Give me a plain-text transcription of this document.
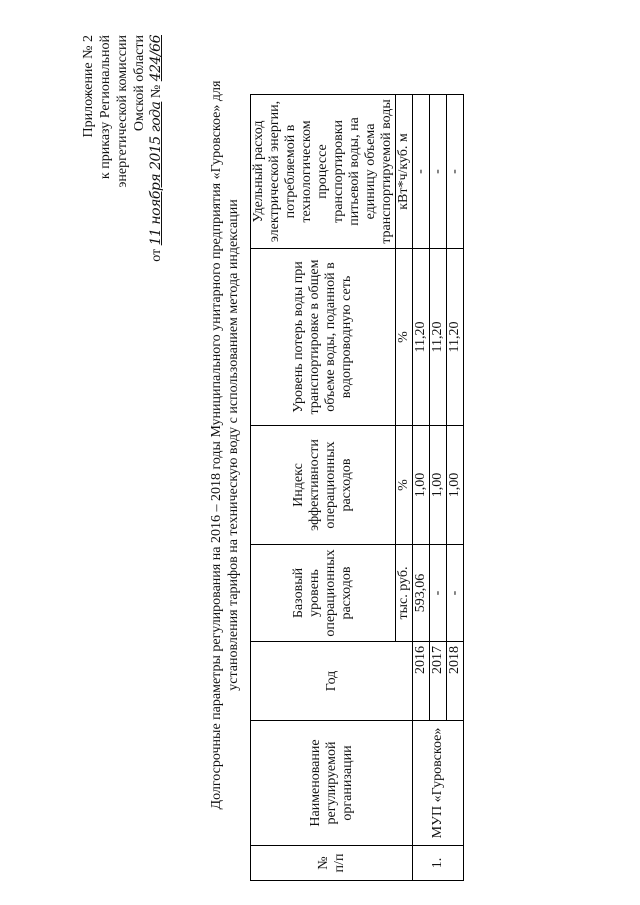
Приложение № 2 к приказу Региональной энергетической комиссии Омской области
от 11 ноября 2015 года № 424/66
Долгосрочные параметры регулирования на 2016 – 2018 годы Муниципального унитарного предприятия «Гуровское» для установления тарифов на техническую воду с использованием метода индексации
№ п/п	Наименование регулируемой организации	Год	Базовый уровень операционных расходов	Индекс эффективности операционных расходов	Уровень потерь воды при транспортировке в общем объеме воды, поданной в водопроводную сеть	Удельный расход электрической энергии, потребляемой в технологическом процессе транспортировки питьевой воды, на единицу объема транспортируемой воды
			тыс. руб.	%	%	кВт*ч/куб. м
1.	МУП «Гуровское»	2016	593,06	1,00	11,20	-
		2017	-	1,00	11,20	-
		2018	-	1,00	11,20	-
